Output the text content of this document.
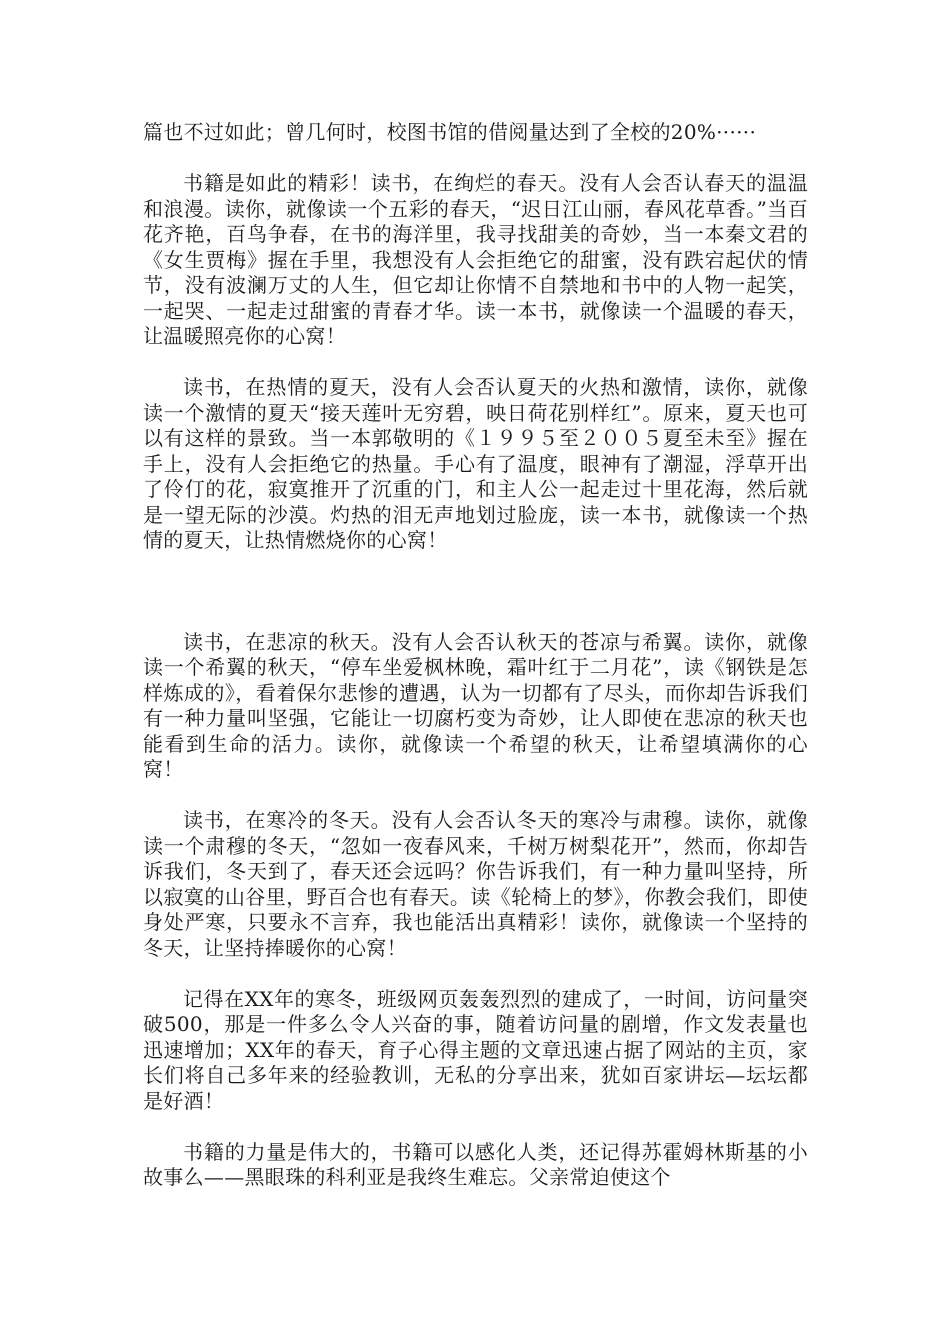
篇也不过如此；曾几何时，校图书馆的借阅量达到了全校的20%······

书籍是如此的精彩！读书，在绚烂的春天。没有人会否认春天的温温和浪漫。读你，就像读一个五彩的春天，“迟日江山丽，春风花草香。”当百花齐艳，百鸟争春，在书的海洋里，我寻找甜美的奇妙，当一本秦文君的《女生贾梅》握在手里，我想没有人会拒绝它的甜蜜，没有跌宕起伏的情节，没有波澜万丈的人生，但它却让你情不自禁地和书中的人物一起笑，一起哭、一起走过甜蜜的青春才华。读一本书，就像读一个温暖的春天，让温暖照亮你的心窝！

读书，在热情的夏天，没有人会否认夏天的火热和激情，读你，就像读一个激情的夏天“接天莲叶无穷碧，映日荷花别样红”。原来，夏天也可以有这样的景致。当一本郭敬明的《１９９５至２００５夏至未至》握在手上，没有人会拒绝它的热量。手心有了温度，眼神有了潮湿，浮草开出了伶仃的花，寂寞推开了沉重的门，和主人公一起走过十里花海，然后就是一望无际的沙漠。灼热的泪无声地划过脸庞，读一本书，就像读一个热情的夏天，让热情燃烧你的心窝！

读书，在悲凉的秋天。没有人会否认秋天的苍凉与希翼。读你，就像读一个希翼的秋天，“停车坐爱枫林晚，霜叶红于二月花”，读《钢铁是怎样炼成的》，看着保尔悲惨的遭遇，认为一切都有了尽头，而你却告诉我们有一种力量叫坚强，它能让一切腐朽变为奇妙，让人即使在悲凉的秋天也能看到生命的活力。读你，就像读一个希望的秋天，让希望填满你的心窝！

读书，在寒冷的冬天。没有人会否认冬天的寒冷与肃穆。读你，就像读一个肃穆的冬天，“忽如一夜春风来，千树万树梨花开”，然而，你却告诉我们，冬天到了，春天还会远吗？你告诉我们，有一种力量叫坚持，所以寂寞的山谷里，野百合也有春天。读《轮椅上的梦》，你教会我们，即使身处严寒，只要永不言弃，我也能活出真精彩！读你，就像读一个坚持的冬天，让坚持捧暖你的心窝！

记得在XX年的寒冬，班级网页轰轰烈烈的建成了，一时间，访问量突破500，那是一件多么令人兴奋的事，随着访问量的剧增，作文发表量也迅速增加；XX年的春天，育子心得主题的文章迅速占据了网站的主页，家长们将自己多年来的经验教训，无私的分享出来，犹如百家讲坛—坛坛都是好酒！

书籍的力量是伟大的，书籍可以感化人类，还记得苏霍姆林斯基的小故事么——黑眼珠的科利亚是我终生难忘。父亲常迫使这个
